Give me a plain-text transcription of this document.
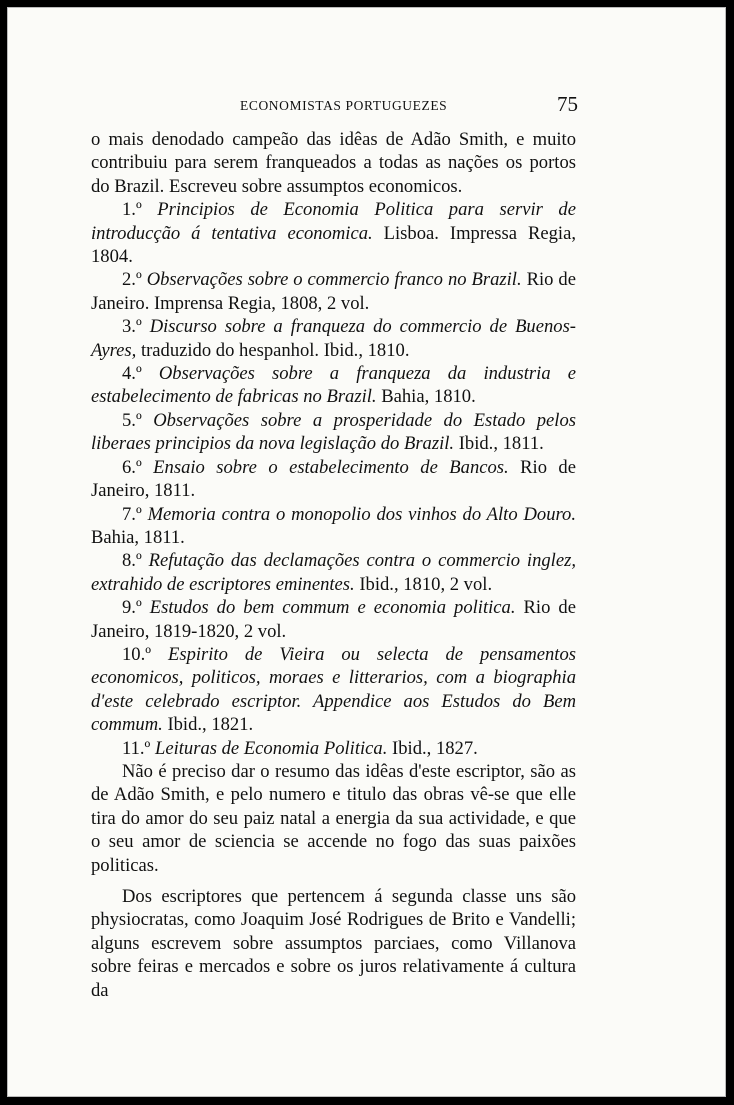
ECONOMISTAS PORTUGUEZES	75

o mais denodado campeão das idêas de Adão Smith, e muito contribuiu para serem franqueados a todas as nações os portos do Brazil. Escreveu sobre assumptos economicos.

1.º Principios de Economia Politica para servir de introducção á tentativa economica. Lisboa. Impressa Regia, 1804.
2.º Observações sobre o commercio franco no Brazil. Rio de Janeiro. Imprensa Regia, 1808, 2 vol.
3.º Discurso sobre a franqueza do commercio de Buenos-Ayres, traduzido do hespanhol. Ibid., 1810.
4.º Observações sobre a franqueza da industria e estabelecimento de fabricas no Brazil. Bahia, 1810.
5.º Observações sobre a prosperidade do Estado pelos liberaes principios da nova legislação do Brazil. Ibid., 1811.
6.º Ensaio sobre o estabelecimento de Bancos. Rio de Janeiro, 1811.
7.º Memoria contra o monopolio dos vinhos do Alto Douro. Bahia, 1811.
8.º Refutação das declamações contra o commercio inglez, extrahido de escriptores eminentes. Ibid., 1810, 2 vol.
9.º Estudos do bem commum e economia politica. Rio de Janeiro, 1819-1820, 2 vol.
10.º Espirito de Vieira ou selecta de pensamentos economicos, politicos, moraes e litterarios, com a biographia d'este celebrado escriptor. Appendice aos Estudos do Bem commum. Ibid., 1821.
11.º Leituras de Economia Politica. Ibid., 1827.

Não é preciso dar o resumo das idêas d'este escriptor, são as de Adão Smith, e pelo numero e titulo das obras vê-se que elle tira do amor do seu paiz natal a energia da sua actividade, e que o seu amor de sciencia se accende no fogo das suas paixões politicas.

Dos escriptores que pertencem á segunda classe uns são physiocratas, como Joaquim José Rodrigues de Brito e Vandelli; alguns escrevem sobre assumptos parciaes, como Villanova sobre feiras e mercados e sobre os juros relativamente á cultura da
